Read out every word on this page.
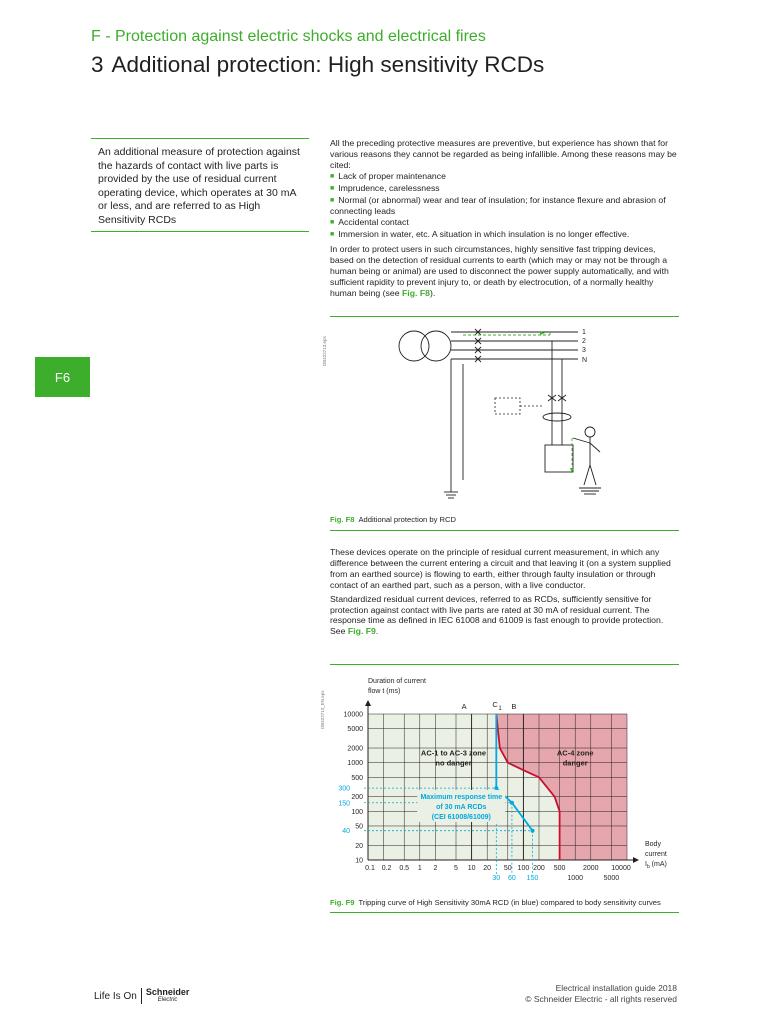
F - Protection against electric shocks and electrical fires
3 Additional protection: High sensitivity RCDs
F6
An additional measure of protection against the hazards of contact with live parts is provided by the use of residual current operating device, which operates at 30 mA or less, and are referred to as High Sensitivity RCDs

All the preceding protective measures are preventive, but experience has shown that for various reasons they cannot be regarded as being infallible. Among these reasons may be cited:

■ Lack of proper maintenance
■ Imprudence, carelessness
■ Normal (or abnormal) wear and tear of insulation; for instance flexure and abrasion of connecting leads
■ Accidental contact
■ Immersion in water, etc. A situation in which insulation is no longer effective.

In order to protect users in such circumstances, highly sensitive fast tripping devices, based on the detection of residual currents to earth (which may or may not be through a human being or animal) are used to disconnect the power supply automatically, and with sufficient rapidity to prevent injury to, or death by electrocution, of a normally healthy human being (see Fig. F8).

DB422713.eps
1
2
3
N
Fig. F8 Additional protection by RCD

These devices operate on the principle of residual current measurement, in which any difference between the current entering a circuit and that leaving it (on a system supplied from an earthed source) is flowing to earth, either through faulty insulation or through contact of an earthed part, such as a person, with a live conductor.

Standardized residual current devices, referred to as RCDs, sufficiently sensitive for protection against contact with live parts are rated at 30 mA of residual current. The response time as defined in IEC 61008 and 61009 is fast enough to provide protection. See Fig. F9.

DB422713_EN.eps	10000
5000
2000
1000
500
200
100
50
20
10
300
150
40
0.1 0.2 0.5 1 2 5 10 20 50 100 200 500	2000 10000
1000	5000
30 60 150
Duration of current
flow t (ms)
Body
current
$I_b$ (mA)
A	B
C 1
AC-1 to AC-3 zone
no danger
AC-4 zone
danger
Maximum response time
of 30 mA RCDs
(CEI 61008/61009)
Fig. F9 Tripping curve of High Sensitivity 30mA RCD (in blue) compared to body sensitivity curves
Life Is On Schneider
Electric
Electrical installation guide 2018
© Schneider Electric - all rights reserved
